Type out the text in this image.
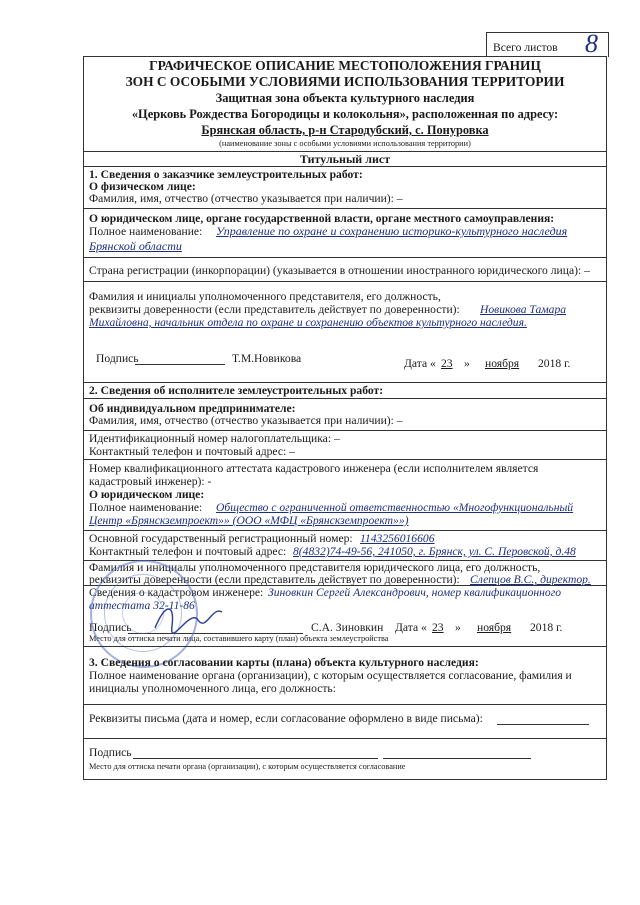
Всего листов 8
ГРАФИЧЕСКОЕ ОПИСАНИЕ МЕСТОПОЛОЖЕНИЯ ГРАНИЦ
ЗОН С ОСОБЫМИ УСЛОВИЯМИ ИСПОЛЬЗОВАНИЯ ТЕРРИТОРИИ
Защитная зона объекта культурного наследия
«Церковь Рождества Богородицы и колокольня», расположенная по адресу:
Брянская область, р-н Стародубский, с. Понуровка
(наименование зоны с особыми условиями использования территории)
Титульный лист
1. Сведения о заказчике землеустроительных работ:
О физическом лице:
Фамилия, имя, отчество (отчество указывается при наличии): –
О юридическом лице, органе государственной власти, органе местного самоуправления:
Полное наименование: Управление по охране и сохранению историко-культурного наследия
Брянской области
Страна регистрации (инкорпорации) (указывается в отношении иностранного юридического лица): –
Фамилия и инициалы уполномоченного представителя, его должность,
реквизиты доверенности (если представитель действует по доверенности): Новикова Тамара
Михайловна, начальник отдела по охране и сохранению объектов культурного наследия.
Подпись	Т.М.Новикова	Дата « 23 » ноября 2018 г.
2. Сведения об исполнителе землеустроительных работ:
Об индивидуальном предпринимателе:
Фамилия, имя, отчество (отчество указывается при наличии): –
Идентификационный номер налогоплательщика: –
Контактный телефон и почтовый адрес: –
Номер квалификационного аттестата кадастрового инженера (если исполнителем является
кадастровый инженер): -
О юридическом лице:
Полное наименование: Общество с ограниченной ответственностью «Многофункциональный
Центр «Брянскземпроект»» (ООО «МФЦ «Брянскземпроект»»)
Основной государственный регистрационный номер: 1143256016606
Контактный телефон и почтовый адрес: 8(4832)74-49-56, 241050, г. Брянск, ул. С. Перовской, д.48
Фамилия и инициалы уполномоченного представителя юридического лица, его должность,
реквизиты доверенности (если представитель действует по доверенности): Слепцов В.С., директор.
Сведения о кадастровом инженере: Зиновкин Сергей Александрович, номер квалификационного
аттестата 32-11-86
Подпись	С.А. Зиновкин Дата « 23 » ноября 2018 г.
Место для оттиска печати лица, составившего карту (план) объекта землеустройства
3. Сведения о согласовании карты (плана) объекта культурного наследия:
Полное наименование органа (организации), с которым осуществляется согласование, фамилия и
инициалы уполномоченного лица, его должность:
Реквизиты письма (дата и номер, если согласование оформлено в виде письма):
Подпись
Место для оттиска печати органа (организации), с которым осуществляется согласование
